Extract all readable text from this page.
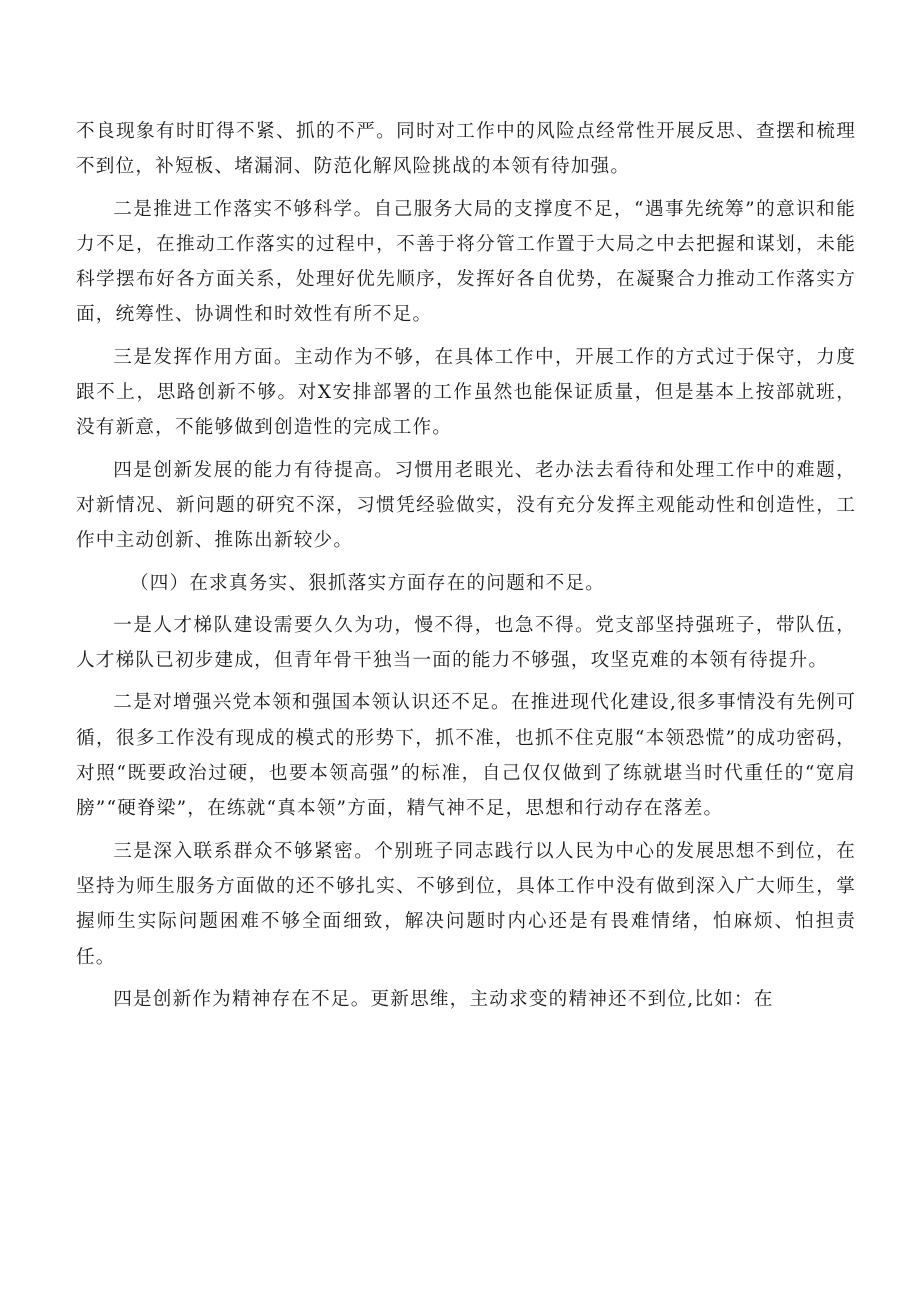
不良现象有时盯得不紧、抓的不严。同时对工作中的风险点经常性开展反思、查摆和梳理不到位，补短板、堵漏洞、防范化解风险挑战的本领有待加强。

二是推进工作落实不够科学。自己服务大局的支撑度不足，“遇事先统筹”的意识和能力不足，在推动工作落实的过程中，不善于将分管工作置于大局之中去把握和谋划，未能科学摆布好各方面关系，处理好优先顺序，发挥好各自优势，在凝聚合力推动工作落实方面，统筹性、协调性和时效性有所不足。

三是发挥作用方面。主动作为不够，在具体工作中，开展工作的方式过于保守，力度跟不上，思路创新不够。对X安排部署的工作虽然也能保证质量，但是基本上按部就班，没有新意，不能够做到创造性的完成工作。

四是创新发展的能力有待提高。习惯用老眼光、老办法去看待和处理工作中的难题，对新情况、新问题的研究不深，习惯凭经验做实，没有充分发挥主观能动性和创造性，工作中主动创新、推陈出新较少。

（四）在求真务实、狠抓落实方面存在的问题和不足。

一是人才梯队建设需要久久为功，慢不得，也急不得。党支部坚持强班子，带队伍，人才梯队已初步建成，但青年骨干独当一面的能力不够强，攻坚克难的本领有待提升。

二是对增强兴党本领和强国本领认识还不足。在推进现代化建设,很多事情没有先例可循，很多工作没有现成的模式的形势下，抓不准，也抓不住克服“本领恐慌”的成功密码，对照“既要政治过硬，也要本领高强”的标准，自己仅仅做到了练就堪当时代重任的“宽肩膀”“硬脊梁”，在练就“真本领”方面，精气神不足，思想和行动存在落差。

三是深入联系群众不够紧密。个别班子同志践行以人民为中心的发展思想不到位，在坚持为师生服务方面做的还不够扎实、不够到位，具体工作中没有做到深入广大师生，掌握师生实际问题困难不够全面细致，解决问题时内心还是有畏难情绪，怕麻烦、怕担责任。

四是创新作为精神存在不足。更新思维，主动求变的精神还不到位,比如：在
